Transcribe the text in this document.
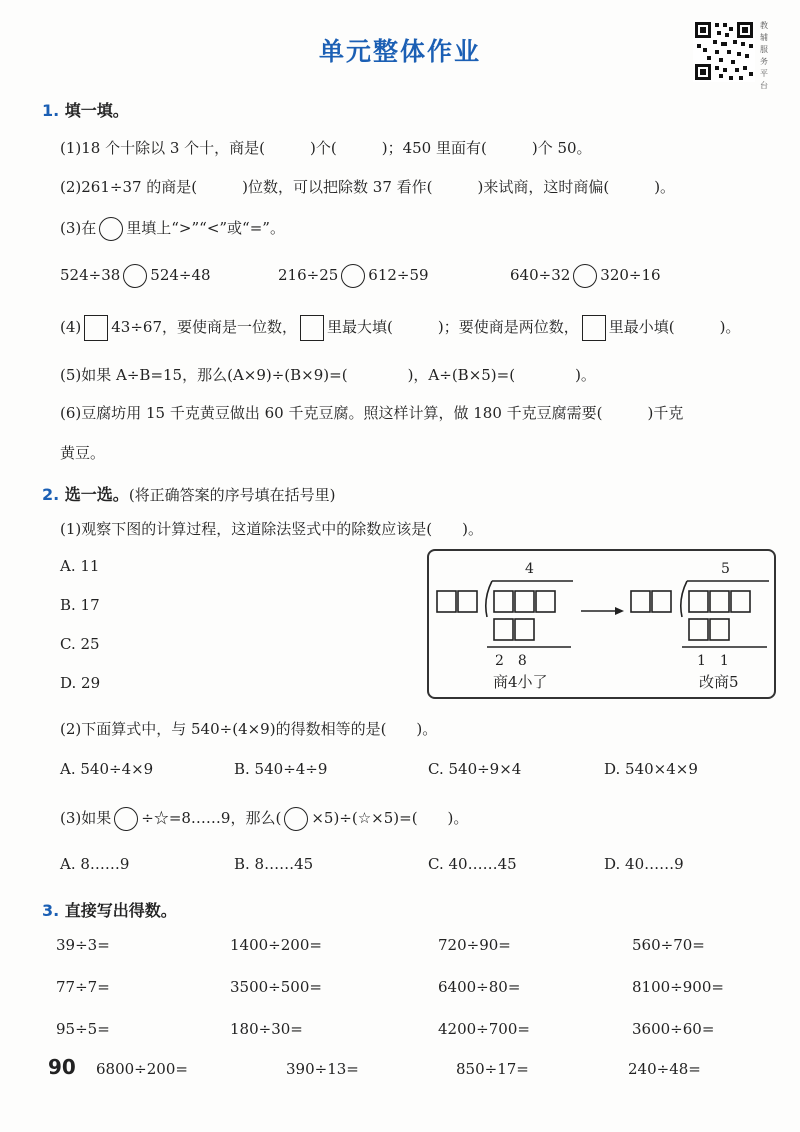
单元整体作业
教辅服务平台
1. 填一填。
(1)18 个十除以 3 个十，商是(　　　)个(　　　)；450 里面有(　　　)个 50。
(2)261÷37 的商是(　　　)位数，可以把除数 37 看作(　　　)来试商，这时商偏(　　　)。
(3)在 里填上“>”“<”或“=”。
524÷38 524÷48	216÷25 612÷59	640÷32 320÷16
(4) 43÷67，要使商是一位数， 里最大填(　　　)；要使商是两位数， 里最小填(　　　)。
(5)如果 A÷B=15，那么(A×9)÷(B×9)=(　　　　)，A÷(B×5)=(　　　　)。
(6)豆腐坊用 15 千克黄豆做出 60 千克豆腐。照这样计算，做 180 千克豆腐需要(　　　)千克
黄豆。
2. 选一选。(将正确答案的序号填在括号里)
(1)观察下图的计算过程，这道除法竖式中的除数应该是(　　)。
A. 11
B. 17
C. 25
D. 29
4
2　8
商4小了
5
1　1
改商5
(2)下面算式中，与 540÷(4×9)的得数相等的是(　　)。
A. 540÷4×9	B. 540÷4÷9	C. 540÷9×4	D. 540×4×9
(3)如果 ÷☆=8……9，那么( ×5)÷(☆×5)=(　　)。
A. 8……9	B. 8……45	C. 40……45	D. 40……9
3. 直接写出得数。
39÷3=	1400÷200=	720÷90=	560÷70=
77÷7=	3500÷500=	6400÷80=	8100÷900=
95÷5=	180÷30=	4200÷700=	3600÷60=
90 6800÷200=	390÷13=	850÷17=	240÷48=
